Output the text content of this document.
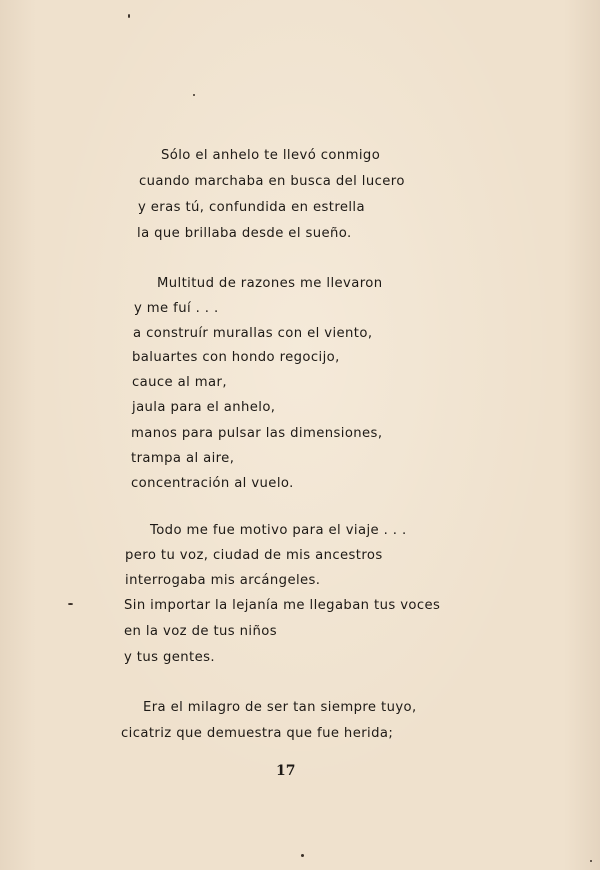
Sólo el anhelo te llevó conmigo
cuando marchaba en busca del lucero
y eras tú, confundida en estrella
la que brillaba desde el sueño.
Multitud de razones me llevaron
y me fuí . . .
a construír murallas con el viento,
baluartes con hondo regocijo,
cauce al mar,
jaula para el anhelo,
manos para pulsar las dimensiones,
trampa al aire,
concentración al vuelo.
Todo me fue motivo para el viaje . . .
pero tu voz, ciudad de mis ancestros
interrogaba mis arcángeles.
Sin importar la lejanía me llegaban tus voces
en la voz de tus niños
y tus gentes.
Era el milagro de ser tan siempre tuyo,
cicatriz que demuestra que fue herida;
17
